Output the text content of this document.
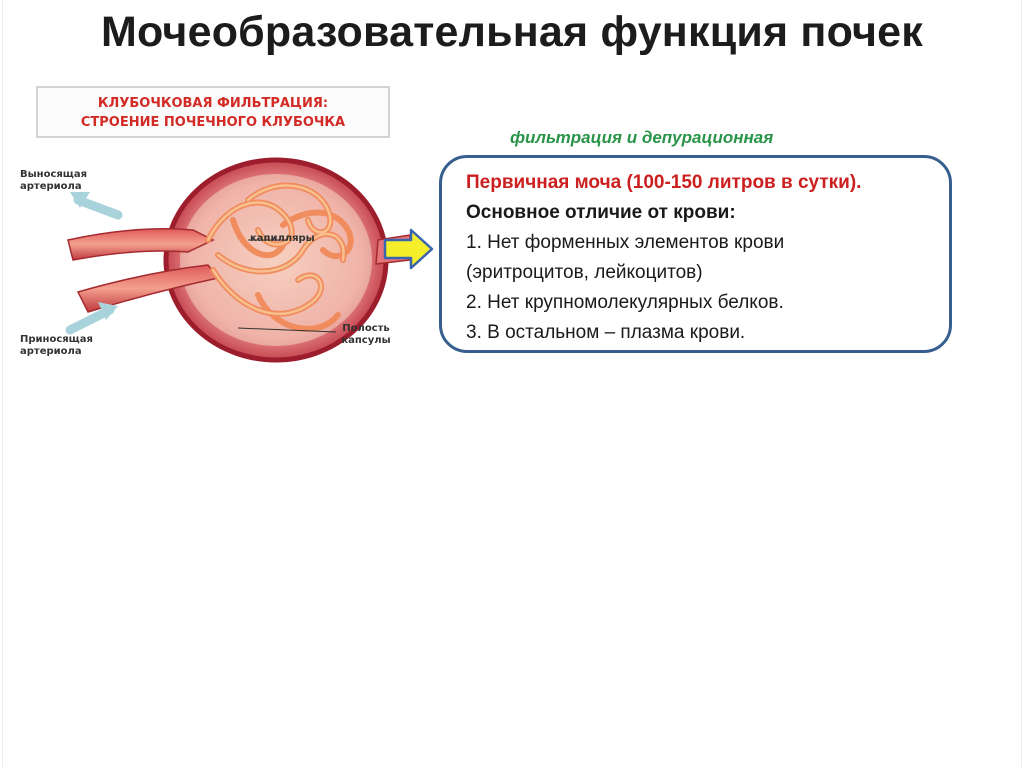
Мочеобразовательная функция почек
КЛУБОЧКОВАЯ ФИЛЬТРАЦИЯ:
СТРОЕНИЕ ПОЧЕЧНОГО КЛУБОЧКА
Выносящая артериола
Приносящая артериола
капилляры
Полость капсулы
фильтрация и депурационная
Первичная моча (100-150 литров в сутки).
Основное отличие от крови:
1. Нет форменных элементов крови
(эритроцитов, лейкоцитов)
2. Нет крупномолекулярных белков.
3. В остальном – плазма крови.
